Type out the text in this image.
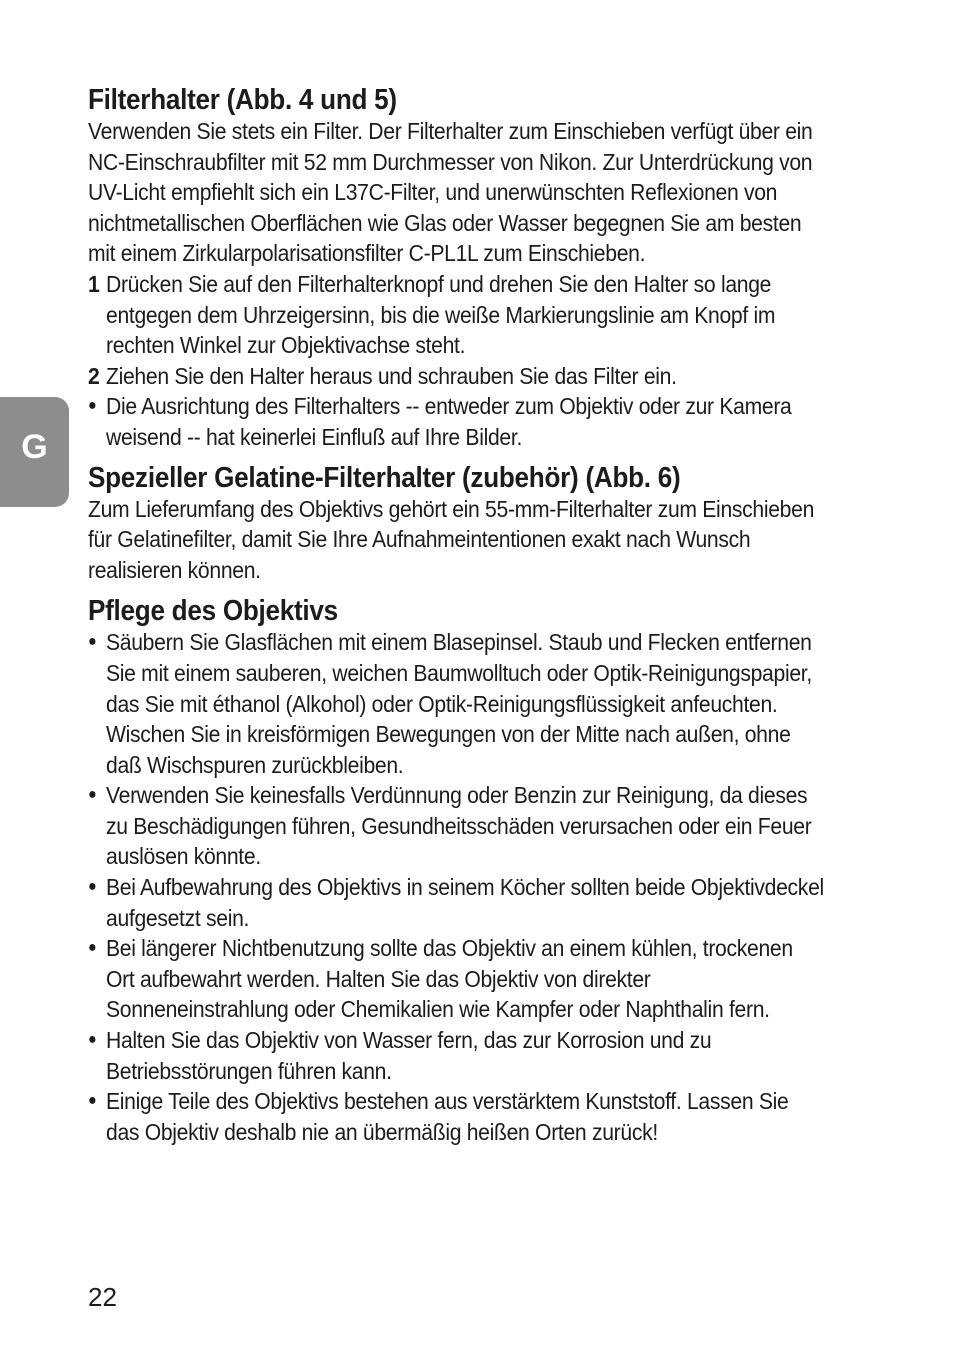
G
Filterhalter (Abb. 4 und 5)

Verwenden Sie stets ein Filter. Der Filterhalter zum Einschieben verfügt über ein NC-Einschraubfilter mit 52 mm Durchmesser von Nikon. Zur Unterdrückung von UV-Licht empfiehlt sich ein L37C-Filter, und unerwünschten Reflexionen von nichtmetallischen Oberflächen wie Glas oder Wasser begegnen Sie am besten mit einem Zirkularpolarisationsfilter C-PL1L zum Einschieben.

1 Drücken Sie auf den Filterhalterknopf und drehen Sie den Halter so lange entgegen dem Uhrzeigersinn, bis die weiße Markierungslinie am Knopf im rechten Winkel zur Objektivachse steht.
2 Ziehen Sie den Halter heraus und schrauben Sie das Filter ein.
●
Die Ausrichtung des Filterhalters -- entweder zum Objektiv oder zur Kamera weisend -- hat keinerlei Einfluß auf Ihre Bilder.
Spezieller Gelatine-Filterhalter (zubehör) (Abb. 6)

Zum Lieferumfang des Objektivs gehört ein 55-mm-Filterhalter zum Einschieben für Gelatinefilter, damit Sie Ihre Aufnahmeintentionen exakt nach Wunsch realisieren können.

Pflege des Objektivs
●
Säubern Sie Glasflächen mit einem Blasepinsel. Staub und Flecken entfernen Sie mit einem sauberen, weichen Baumwolltuch oder Optik-Reinigungspapier, das Sie mit éthanol (Alkohol) oder Optik-Reinigungsflüssigkeit anfeuchten. Wischen Sie in kreisförmigen Bewegungen von der Mitte nach außen, ohne daß Wischspuren zurückbleiben.
●
Verwenden Sie keinesfalls Verdünnung oder Benzin zur Reinigung, da dieses zu Beschädigungen führen, Gesundheitsschäden verursachen oder ein Feuer auslösen könnte.
●
Bei Aufbewahrung des Objektivs in seinem Köcher sollten beide Objektivdeckel aufgesetzt sein.
●
Bei längerer Nichtbenutzung sollte das Objektiv an einem kühlen, trockenen Ort aufbewahrt werden. Halten Sie das Objektiv von direkter Sonneneinstrahlung oder Chemikalien wie Kampfer oder Naphthalin fern.
●
Halten Sie das Objektiv von Wasser fern, das zur Korrosion und zu Betriebsstörungen führen kann.
●
Einige Teile des Objektivs bestehen aus verstärktem Kunststoff. Lassen Sie das Objektiv deshalb nie an übermäßig heißen Orten zurück!
22
